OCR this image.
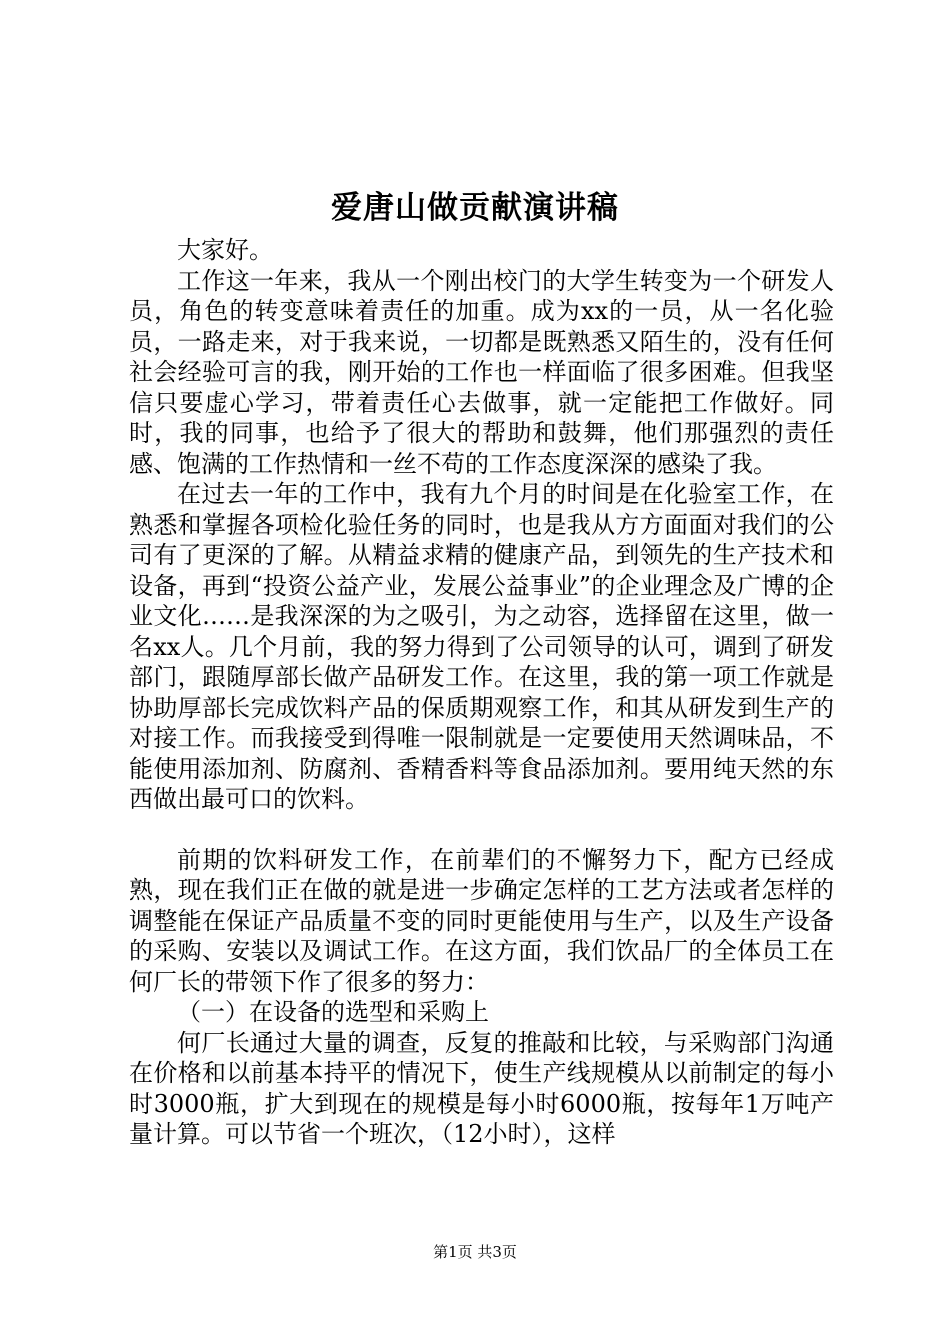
爱唐山做贡献演讲稿

大家好。

工作这一年来，我从一个刚出校门的大学生转变为一个研发人员，角色的转变意味着责任的加重。成为xx的一员，从一名化验员，一路走来，对于我来说，一切都是既熟悉又陌生的，没有任何社会经验可言的我，刚开始的工作也一样面临了很多困难。但我坚信只要虚心学习，带着责任心去做事，就一定能把工作做好。同时，我的同事，也给予了很大的帮助和鼓舞，他们那强烈的责任感、饱满的工作热情和一丝不苟的工作态度深深的感染了我。

在过去一年的工作中，我有九个月的时间是在化验室工作，在熟悉和掌握各项检化验任务的同时，也是我从方方面面对我们的公司有了更深的了解。从精益求精的健康产品，到领先的生产技术和设备，再到“投资公益产业，发展公益事业”的企业理念及广博的企业文化……是我深深的为之吸引，为之动容，选择留在这里，做一名xx人。几个月前，我的努力得到了公司领导的认可，调到了研发部门，跟随厚部长做产品研发工作。在这里，我的第一项工作就是协助厚部长完成饮料产品的保质期观察工作，和其从研发到生产的对接工作。而我接受到得唯一限制就是一定要使用天然调味品，不能使用添加剂、防腐剂、香精香料等食品添加剂。要用纯天然的东西做出最可口的饮料。

前期的饮料研发工作，在前辈们的不懈努力下，配方已经成熟，现在我们正在做的就是进一步确定怎样的工艺方法或者怎样的调整能在保证产品质量不变的同时更能使用与生产，以及生产设备的采购、安装以及调试工作。在这方面，我们饮品厂的全体员工在何厂长的带领下作了很多的努力：

（一）在设备的选型和采购上

何厂长通过大量的调查，反复的推敲和比较，与采购部门沟通在价格和以前基本持平的情况下，使生产线规模从以前制定的每小时3000瓶，扩大到现在的规模是每小时6000瓶，按每年1万吨产量计算。可以节省一个班次，（12小时），这样

第1页 共3页
